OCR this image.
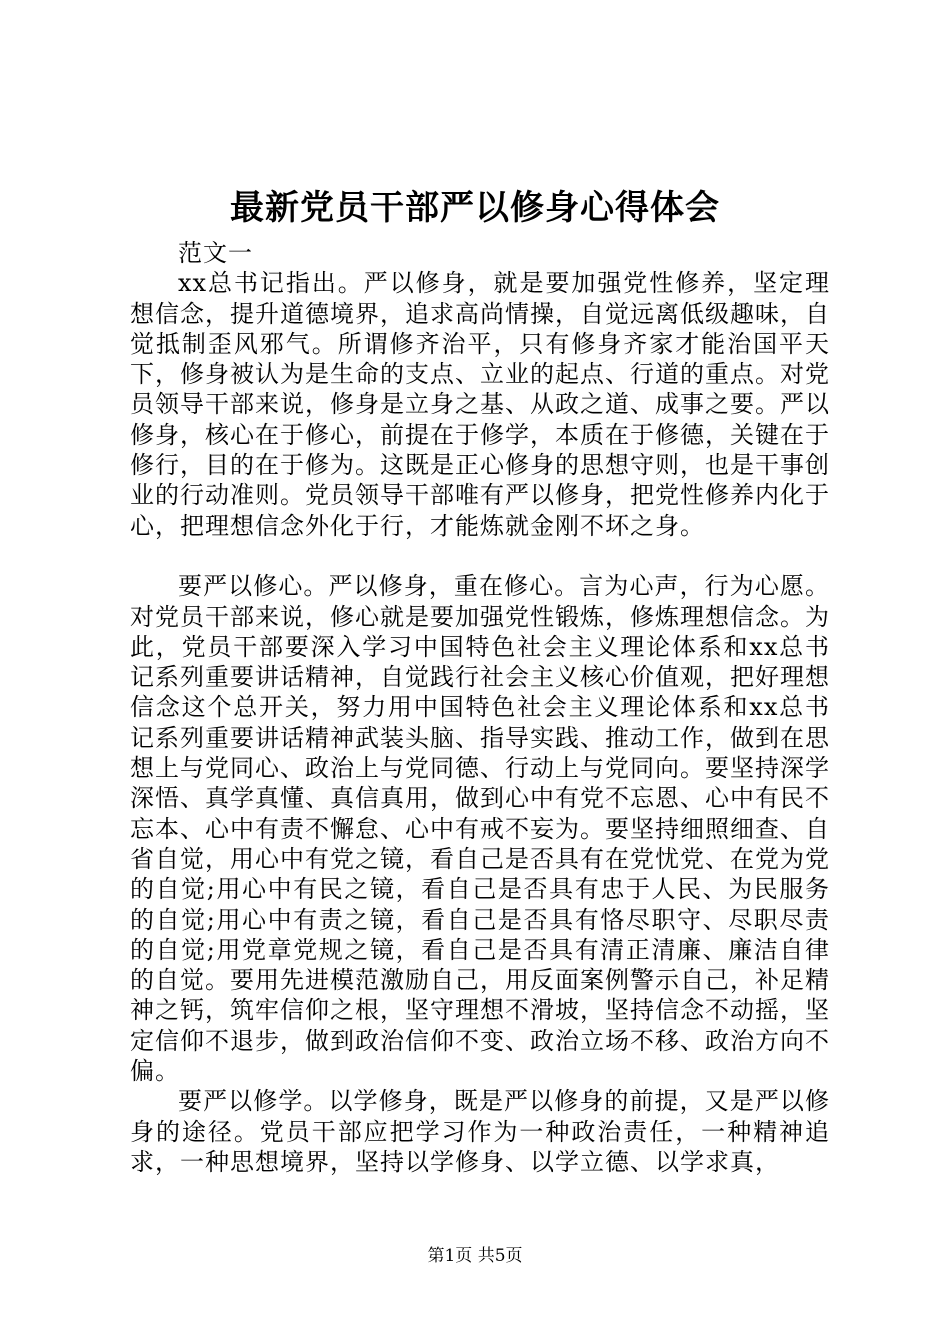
最新党员干部严以修身心得体会

范文一

xx总书记指出。严以修身，就是要加强党性修养，坚定理想信念，提升道德境界，追求高尚情操，自觉远离低级趣味，自觉抵制歪风邪气。所谓修齐治平，只有修身齐家才能治国平天下，修身被认为是生命的支点、立业的起点、行道的重点。对党员领导干部来说，修身是立身之基、从政之道、成事之要。严以修身，核心在于修心，前提在于修学，本质在于修德，关键在于修行，目的在于修为。这既是正心修身的思想守则，也是干事创业的行动准则。党员领导干部唯有严以修身，把党性修养内化于心，把理想信念外化于行，才能炼就金刚不坏之身。

要严以修心。严以修身，重在修心。言为心声，行为心愿。对党员干部来说，修心就是要加强党性锻炼，修炼理想信念。为此，党员干部要深入学习中国特色社会主义理论体系和xx总书记系列重要讲话精神，自觉践行社会主义核心价值观，把好理想信念这个总开关，努力用中国特色社会主义理论体系和xx总书记系列重要讲话精神武装头脑、指导实践、推动工作，做到在思想上与党同心、政治上与党同德、行动上与党同向。要坚持深学深悟、真学真懂、真信真用，做到心中有党不忘恩、心中有民不忘本、心中有责不懈怠、心中有戒不妄为。要坚持细照细查、自省自觉，用心中有党之镜，看自己是否具有在党忧党、在党为党的自觉;用心中有民之镜，看自己是否具有忠于人民、为民服务的自觉;用心中有责之镜，看自己是否具有恪尽职守、尽职尽责的自觉;用党章党规之镜，看自己是否具有清正清廉、廉洁自律的自觉。要用先进模范激励自己，用反面案例警示自己，补足精神之钙，筑牢信仰之根，坚守理想不滑坡，坚持信念不动摇，坚定信仰不退步，做到政治信仰不变、政治立场不移、政治方向不偏。

要严以修学。以学修身，既是严以修身的前提，又是严以修身的途径。党员干部应把学习作为一种政治责任，一种精神追求，一种思想境界，坚持以学修身、以学立德、以学求真，

第1页 共5页
